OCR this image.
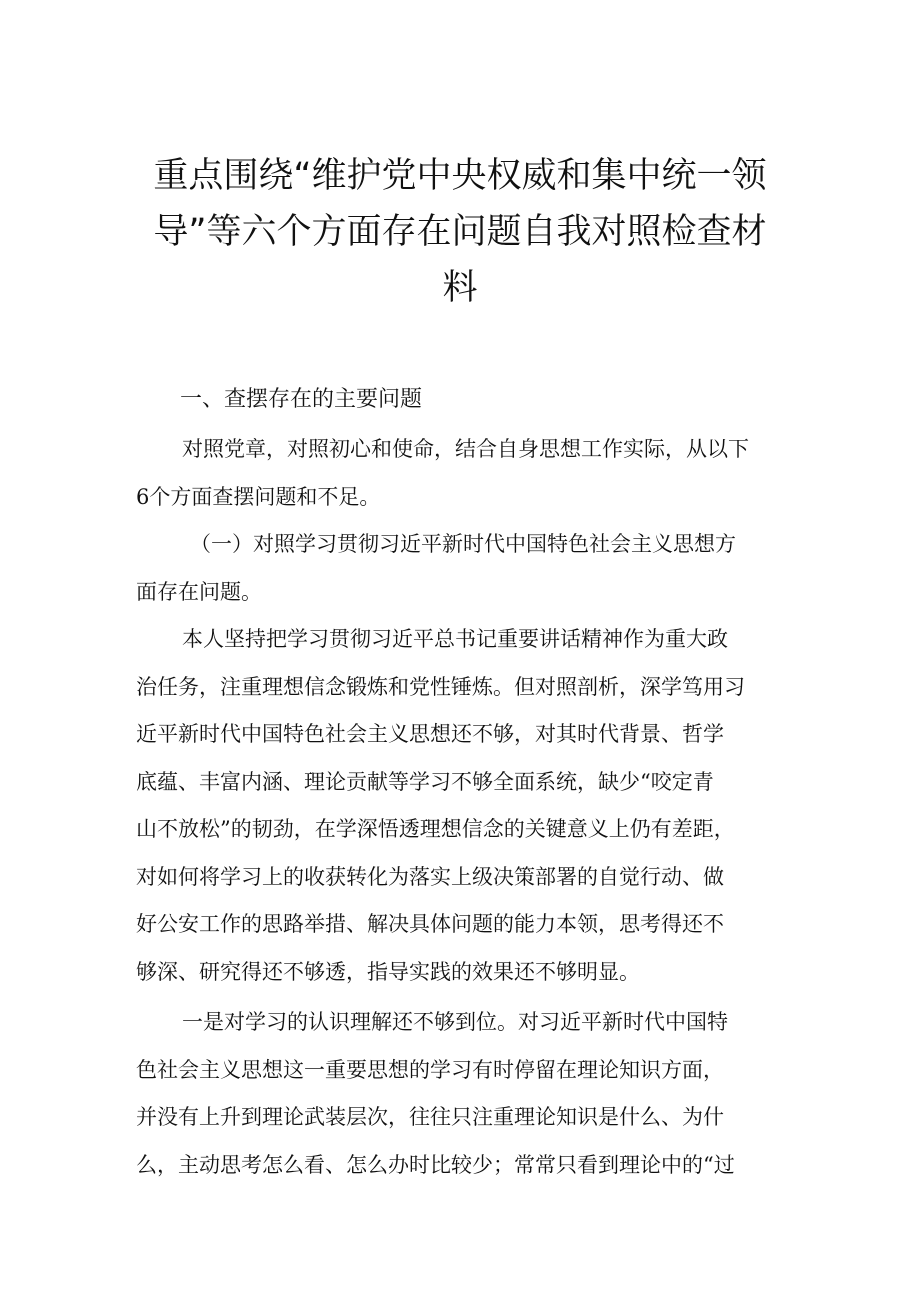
重点围绕“维护党中央权威和集中统一领
导”等六个方面存在问题自我对照检查材
料
一、查摆存在的主要问题
对照党章，对照初心和使命，结合自身思想工作实际，从以下
6个方面查摆问题和不足。
（一）对照学习贯彻习近平新时代中国特色社会主义思想方
面存在问题。
本人坚持把学习贯彻习近平总书记重要讲话精神作为重大政
治任务，注重理想信念锻炼和党性锤炼。但对照剖析，深学笃用习
近平新时代中国特色社会主义思想还不够，对其时代背景、哲学
底蕴、丰富内涵、理论贡献等学习不够全面系统，缺少“咬定青
山不放松”的韧劲，在学深悟透理想信念的关键意义上仍有差距，
对如何将学习上的收获转化为落实上级决策部署的自觉行动、做
好公安工作的思路举措、解决具体问题的能力本领，思考得还不
够深、研究得还不够透，指导实践的效果还不够明显。
一是对学习的认识理解还不够到位。对习近平新时代中国特
色社会主义思想这一重要思想的学习有时停留在理论知识方面，
并没有上升到理论武装层次，往往只注重理论知识是什么、为什
么，主动思考怎么看、怎么办时比较少；常常只看到理论中的“过
